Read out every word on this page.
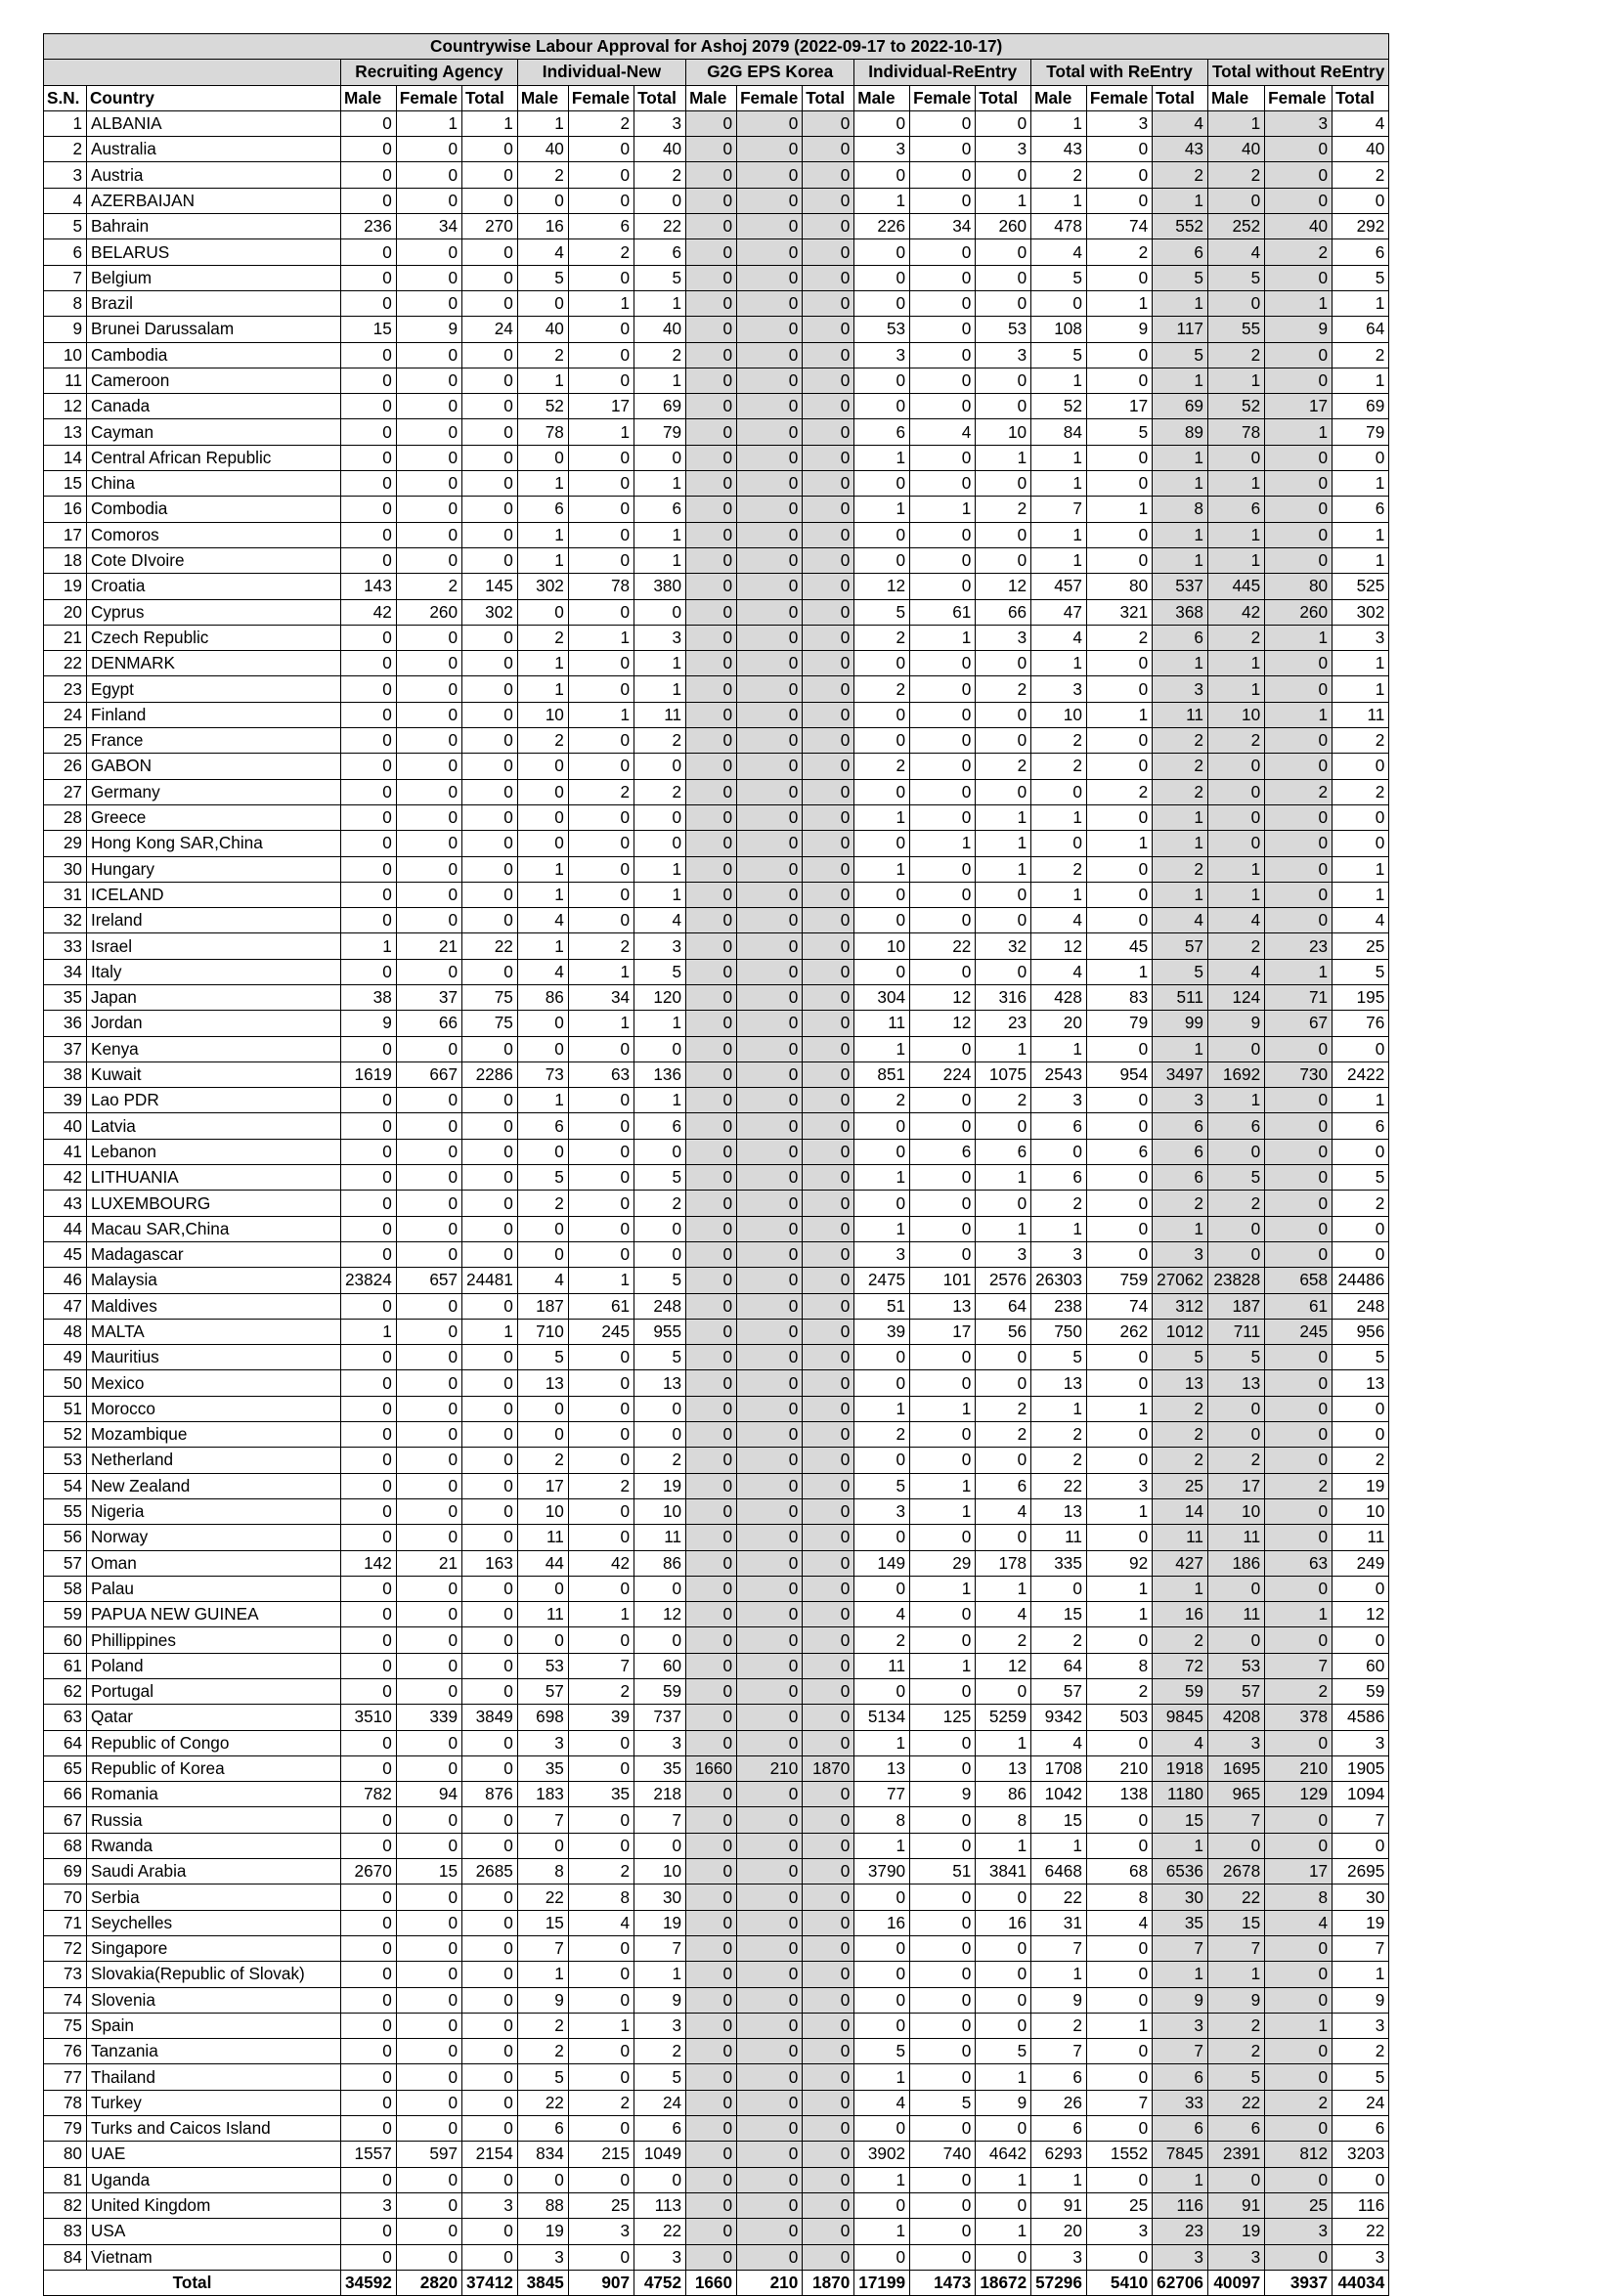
Countrywise Labour Approval for Ashoj 2079 (2022-09-17 to 2022-10-17)																			
		Recruiting Agency			Individual-New			G2G EPS Korea			Individual-ReEntry			Total with ReEntry			Total without ReEntry		
S.N.	Country	Male	Female	Total	Male	Female	Total	Male	Female	Total	Male	Female	Total	Male	Female	Total	Male	Female	Total
1	ALBANIA	0	1	1	1	2	3	0	0	0	0	0	0	1	3	4	1	3	4
2	Australia	0	0	0	40	0	40	0	0	0	3	0	3	43	0	43	40	0	40
3	Austria	0	0	0	2	0	2	0	0	0	0	0	0	2	0	2	2	0	2
4	AZERBAIJAN	0	0	0	0	0	0	0	0	0	1	0	1	1	0	1	0	0	0
5	Bahrain	236	34	270	16	6	22	0	0	0	226	34	260	478	74	552	252	40	292
6	BELARUS	0	0	0	4	2	6	0	0	0	0	0	0	4	2	6	4	2	6
7	Belgium	0	0	0	5	0	5	0	0	0	0	0	0	5	0	5	5	0	5
8	Brazil	0	0	0	0	1	1	0	0	0	0	0	0	0	1	1	0	1	1
9	Brunei Darussalam	15	9	24	40	0	40	0	0	0	53	0	53	108	9	117	55	9	64
10	Cambodia	0	0	0	2	0	2	0	0	0	3	0	3	5	0	5	2	0	2
11	Cameroon	0	0	0	1	0	1	0	0	0	0	0	0	1	0	1	1	0	1
12	Canada	0	0	0	52	17	69	0	0	0	0	0	0	52	17	69	52	17	69
13	Cayman	0	0	0	78	1	79	0	0	0	6	4	10	84	5	89	78	1	79
14	Central African Republic	0	0	0	0	0	0	0	0	0	1	0	1	1	0	1	0	0	0
15	China	0	0	0	1	0	1	0	0	0	0	0	0	1	0	1	1	0	1
16	Combodia	0	0	0	6	0	6	0	0	0	1	1	2	7	1	8	6	0	6
17	Comoros	0	0	0	1	0	1	0	0	0	0	0	0	1	0	1	1	0	1
18	Cote DIvoire	0	0	0	1	0	1	0	0	0	0	0	0	1	0	1	1	0	1
19	Croatia	143	2	145	302	78	380	0	0	0	12	0	12	457	80	537	445	80	525
20	Cyprus	42	260	302	0	0	0	0	0	0	5	61	66	47	321	368	42	260	302
21	Czech Republic	0	0	0	2	1	3	0	0	0	2	1	3	4	2	6	2	1	3
22	DENMARK	0	0	0	1	0	1	0	0	0	0	0	0	1	0	1	1	0	1
23	Egypt	0	0	0	1	0	1	0	0	0	2	0	2	3	0	3	1	0	1
24	Finland	0	0	0	10	1	11	0	0	0	0	0	0	10	1	11	10	1	11
25	France	0	0	0	2	0	2	0	0	0	0	0	0	2	0	2	2	0	2
26	GABON	0	0	0	0	0	0	0	0	0	2	0	2	2	0	2	0	0	0
27	Germany	0	0	0	0	2	2	0	0	0	0	0	0	0	2	2	0	2	2
28	Greece	0	0	0	0	0	0	0	0	0	1	0	1	1	0	1	0	0	0
29	Hong Kong SAR,China	0	0	0	0	0	0	0	0	0	0	1	1	0	1	1	0	0	0
30	Hungary	0	0	0	1	0	1	0	0	0	1	0	1	2	0	2	1	0	1
31	ICELAND	0	0	0	1	0	1	0	0	0	0	0	0	1	0	1	1	0	1
32	Ireland	0	0	0	4	0	4	0	0	0	0	0	0	4	0	4	4	0	4
33	Israel	1	21	22	1	2	3	0	0	0	10	22	32	12	45	57	2	23	25
34	Italy	0	0	0	4	1	5	0	0	0	0	0	0	4	1	5	4	1	5
35	Japan	38	37	75	86	34	120	0	0	0	304	12	316	428	83	511	124	71	195
36	Jordan	9	66	75	0	1	1	0	0	0	11	12	23	20	79	99	9	67	76
37	Kenya	0	0	0	0	0	0	0	0	0	1	0	1	1	0	1	0	0	0
38	Kuwait	1619	667	2286	73	63	136	0	0	0	851	224	1075	2543	954	3497	1692	730	2422
39	Lao PDR	0	0	0	1	0	1	0	0	0	2	0	2	3	0	3	1	0	1
40	Latvia	0	0	0	6	0	6	0	0	0	0	0	0	6	0	6	6	0	6
41	Lebanon	0	0	0	0	0	0	0	0	0	0	6	6	0	6	6	0	0	0
42	LITHUANIA	0	0	0	5	0	5	0	0	0	1	0	1	6	0	6	5	0	5
43	LUXEMBOURG	0	0	0	2	0	2	0	0	0	0	0	0	2	0	2	2	0	2
44	Macau SAR,China	0	0	0	0	0	0	0	0	0	1	0	1	1	0	1	0	0	0
45	Madagascar	0	0	0	0	0	0	0	0	0	3	0	3	3	0	3	0	0	0
46	Malaysia	23824	657	24481	4	1	5	0	0	0	2475	101	2576	26303	759	27062	23828	658	24486
47	Maldives	0	0	0	187	61	248	0	0	0	51	13	64	238	74	312	187	61	248
48	MALTA	1	0	1	710	245	955	0	0	0	39	17	56	750	262	1012	711	245	956
49	Mauritius	0	0	0	5	0	5	0	0	0	0	0	0	5	0	5	5	0	5
50	Mexico	0	0	0	13	0	13	0	0	0	0	0	0	13	0	13	13	0	13
51	Morocco	0	0	0	0	0	0	0	0	0	1	1	2	1	1	2	0	0	0
52	Mozambique	0	0	0	0	0	0	0	0	0	2	0	2	2	0	2	0	0	0
53	Netherland	0	0	0	2	0	2	0	0	0	0	0	0	2	0	2	2	0	2
54	New Zealand	0	0	0	17	2	19	0	0	0	5	1	6	22	3	25	17	2	19
55	Nigeria	0	0	0	10	0	10	0	0	0	3	1	4	13	1	14	10	0	10
56	Norway	0	0	0	11	0	11	0	0	0	0	0	0	11	0	11	11	0	11
57	Oman	142	21	163	44	42	86	0	0	0	149	29	178	335	92	427	186	63	249
58	Palau	0	0	0	0	0	0	0	0	0	0	1	1	0	1	1	0	0	0
59	PAPUA NEW GUINEA	0	0	0	11	1	12	0	0	0	4	0	4	15	1	16	11	1	12
60	Phillippines	0	0	0	0	0	0	0	0	0	2	0	2	2	0	2	0	0	0
61	Poland	0	0	0	53	7	60	0	0	0	11	1	12	64	8	72	53	7	60
62	Portugal	0	0	0	57	2	59	0	0	0	0	0	0	57	2	59	57	2	59
63	Qatar	3510	339	3849	698	39	737	0	0	0	5134	125	5259	9342	503	9845	4208	378	4586
64	Republic of Congo	0	0	0	3	0	3	0	0	0	1	0	1	4	0	4	3	0	3
65	Republic of Korea	0	0	0	35	0	35	1660	210	1870	13	0	13	1708	210	1918	1695	210	1905
66	Romania	782	94	876	183	35	218	0	0	0	77	9	86	1042	138	1180	965	129	1094
67	Russia	0	0	0	7	0	7	0	0	0	8	0	8	15	0	15	7	0	7
68	Rwanda	0	0	0	0	0	0	0	0	0	1	0	1	1	0	1	0	0	0
69	Saudi Arabia	2670	15	2685	8	2	10	0	0	0	3790	51	3841	6468	68	6536	2678	17	2695
70	Serbia	0	0	0	22	8	30	0	0	0	0	0	0	22	8	30	22	8	30
71	Seychelles	0	0	0	15	4	19	0	0	0	16	0	16	31	4	35	15	4	19
72	Singapore	0	0	0	7	0	7	0	0	0	0	0	0	7	0	7	7	0	7
73	Slovakia(Republic of Slovak)	0	0	0	1	0	1	0	0	0	0	0	0	1	0	1	1	0	1
74	Slovenia	0	0	0	9	0	9	0	0	0	0	0	0	9	0	9	9	0	9
75	Spain	0	0	0	2	1	3	0	0	0	0	0	0	2	1	3	2	1	3
76	Tanzania	0	0	0	2	0	2	0	0	0	5	0	5	7	0	7	2	0	2
77	Thailand	0	0	0	5	0	5	0	0	0	1	0	1	6	0	6	5	0	5
78	Turkey	0	0	0	22	2	24	0	0	0	4	5	9	26	7	33	22	2	24
79	Turks and Caicos Island	0	0	0	6	0	6	0	0	0	0	0	0	6	0	6	6	0	6
80	UAE	1557	597	2154	834	215	1049	0	0	0	3902	740	4642	6293	1552	7845	2391	812	3203
81	Uganda	0	0	0	0	0	0	0	0	0	1	0	1	1	0	1	0	0	0
82	United Kingdom	3	0	3	88	25	113	0	0	0	0	0	0	91	25	116	91	25	116
83	USA	0	0	0	19	3	22	0	0	0	1	0	1	20	3	23	19	3	22
84	Vietnam	0	0	0	3	0	3	0	0	0	0	0	0	3	0	3	3	0	3
Total		34592	2820	37412	3845	907	4752	1660	210	1870	17199	1473	18672	57296	5410	62706	40097	3937	44034
